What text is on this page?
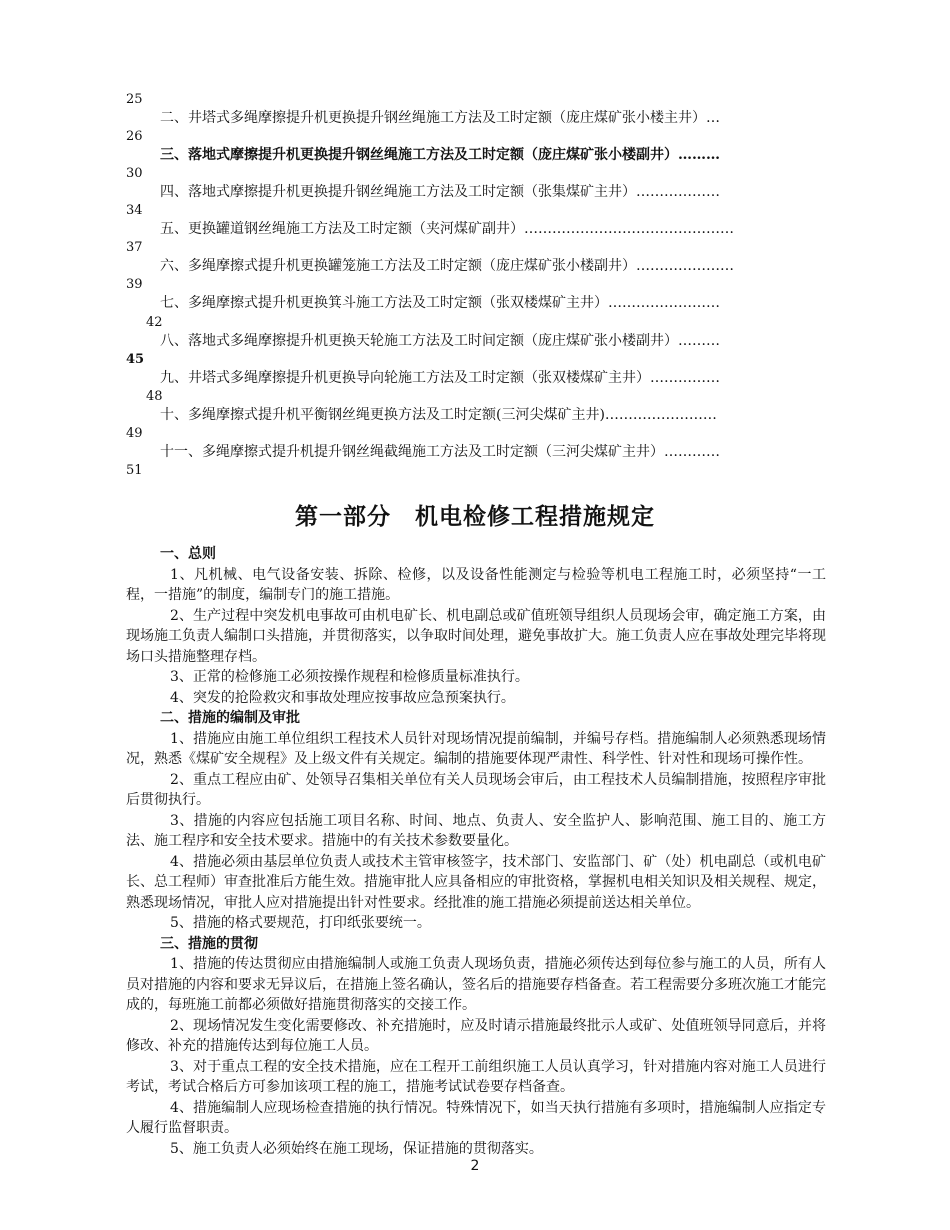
25
二、井塔式多绳摩擦提升机更换提升钢丝绳施工方法及工时定额（庞庄煤矿张小楼主井）…
26
三、落地式摩擦提升机更换提升钢丝绳施工方法及工时定额（庞庄煤矿张小楼副井）………
30
四、落地式摩擦提升机更换提升钢丝绳施工方法及工时定额（张集煤矿主井）………………
34
五、更换罐道钢丝绳施工方法及工时定额（夹河煤矿副井）………………………………………
37
六、多绳摩擦式提升机更换罐笼施工方法及工时定额（庞庄煤矿张小楼副井）…………………
39
七、多绳摩擦式提升机更换箕斗施工方法及工时定额（张双楼煤矿主井）……………………
42
八、落地式多绳摩擦提升机更换天轮施工方法及工时间定额（庞庄煤矿张小楼副井）………
45
九、井塔式多绳摩擦提升机更换导向轮施工方法及工时定额（张双楼煤矿主井）……………
48
十、多绳摩擦式提升机平衡钢丝绳更换方法及工时定额(三河尖煤矿主井)……………………
49
十一、多绳摩擦式提升机提升钢丝绳截绳施工方法及工时定额（三河尖煤矿主井）…………
51
第一部分　机电检修工程措施规定

一、总则

1、凡机械、电气设备安装、拆除、检修，以及设备性能测定与检验等机电工程施工时，必须坚持“一工程，一措施”的制度，编制专门的施工措施。

2、生产过程中突发机电事故可由机电矿长、机电副总或矿值班领导组织人员现场会审，确定施工方案，由现场施工负责人编制口头措施，并贯彻落实，以争取时间处理，避免事故扩大。施工负责人应在事故处理完毕将现场口头措施整理存档。

3、正常的检修施工必须按操作规程和检修质量标准执行。

4、突发的抢险救灾和事故处理应按事故应急预案执行。

二、措施的编制及审批

1、措施应由施工单位组织工程技术人员针对现场情况提前编制，并编号存档。措施编制人必须熟悉现场情况，熟悉《煤矿安全规程》及上级文件有关规定。编制的措施要体现严肃性、科学性、针对性和现场可操作性。

2、重点工程应由矿、处领导召集相关单位有关人员现场会审后，由工程技术人员编制措施，按照程序审批后贯彻执行。

3、措施的内容应包括施工项目名称、时间、地点、负责人、安全监护人、影响范围、施工目的、施工方法、施工程序和安全技术要求。措施中的有关技术参数要量化。

4、措施必须由基层单位负责人或技术主管审核签字，技术部门、安监部门、矿（处）机电副总（或机电矿长、总工程师）审查批准后方能生效。措施审批人应具备相应的审批资格，掌握机电相关知识及相关规程、规定，熟悉现场情况，审批人应对措施提出针对性要求。经批准的施工措施必须提前送达相关单位。

5、措施的格式要规范，打印纸张要统一。

三、措施的贯彻

1、措施的传达贯彻应由措施编制人或施工负责人现场负责，措施必须传达到每位参与施工的人员，所有人员对措施的内容和要求无异议后，在措施上签名确认，签名后的措施要存档备查。若工程需要分多班次施工才能完成的，每班施工前都必须做好措施贯彻落实的交接工作。

2、现场情况发生变化需要修改、补充措施时，应及时请示措施最终批示人或矿、处值班领导同意后，并将修改、补充的措施传达到每位施工人员。

3、对于重点工程的安全技术措施，应在工程开工前组织施工人员认真学习，针对措施内容对施工人员进行考试，考试合格后方可参加该项工程的施工，措施考试试卷要存档备查。

4、措施编制人应现场检查措施的执行情况。特殊情况下，如当天执行措施有多项时，措施编制人应指定专人履行监督职责。

5、施工负责人必须始终在施工现场，保证措施的贯彻落实。

2
